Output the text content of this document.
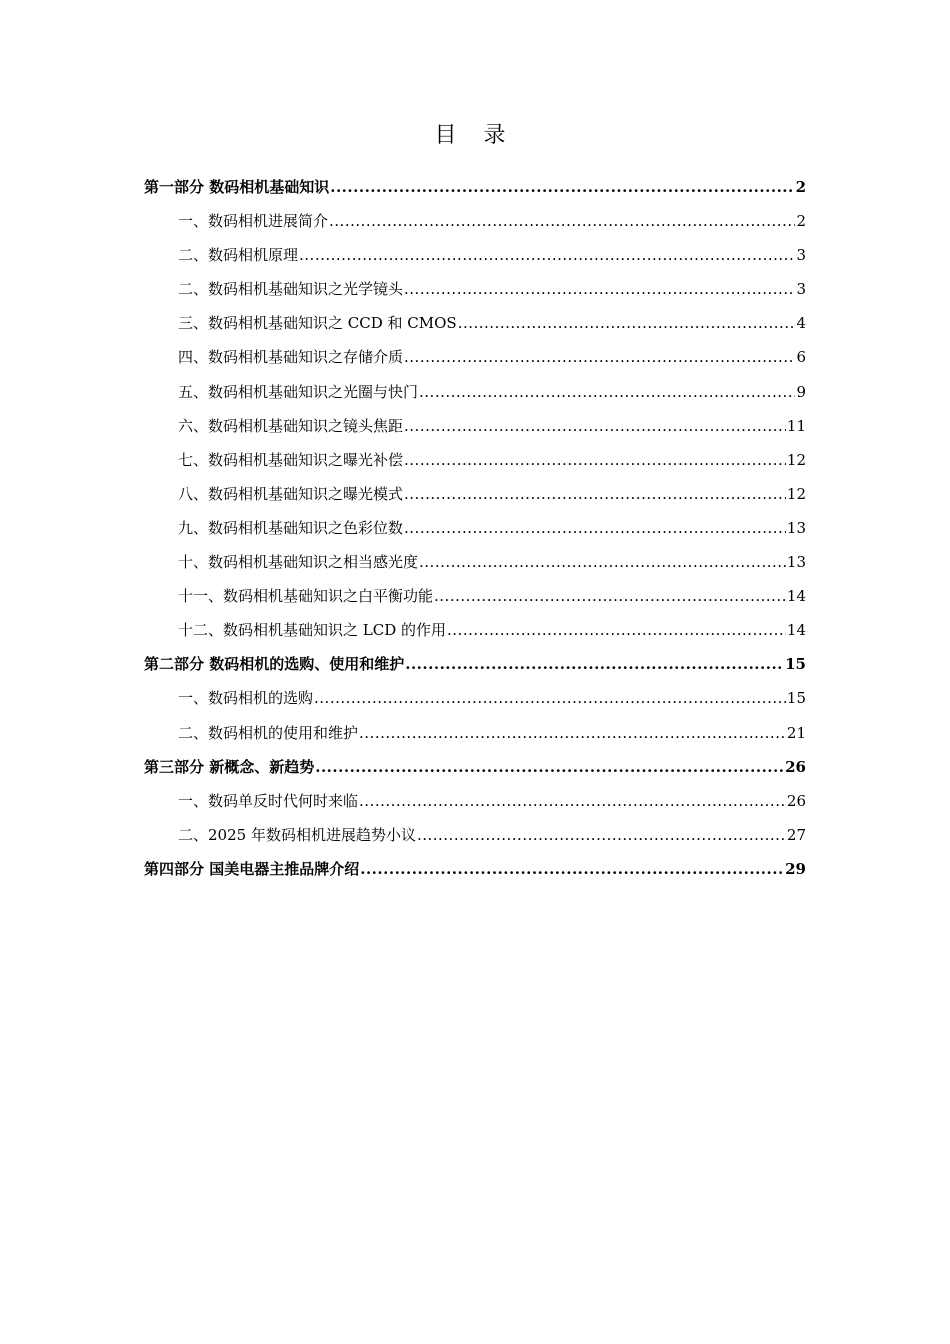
目 录
第一部分 数码相机基础知识 .....	2
一、数码相机进展简介 .....	2
二、数码相机原理 .....	3
二、数码相机基础知识之光学镜头 .....	3
三、数码相机基础知识之 CCD 和 CMOS .....	4
四、数码相机基础知识之存储介质 .....	6
五、数码相机基础知识之光圈与快门 .....	9
六、数码相机基础知识之镜头焦距 .....	11
七、数码相机基础知识之曝光补偿 .....	12
八、数码相机基础知识之曝光模式 .....	12
九、数码相机基础知识之色彩位数 .....	13
十、数码相机基础知识之相当感光度 .....	13
十一、数码相机基础知识之白平衡功能 .....	14
十二、数码相机基础知识之 LCD 的作用 .....	14
第二部分 数码相机的选购、使用和维护 .....	15
一、数码相机的选购 .....	15
二、数码相机的使用和维护 .....	21
第三部分 新概念、新趋势 .....	26
一、数码单反时代何时来临 .....	26
二、2025 年数码相机进展趋势小议 .....	27
第四部分 国美电器主推品牌介绍 .....	29
